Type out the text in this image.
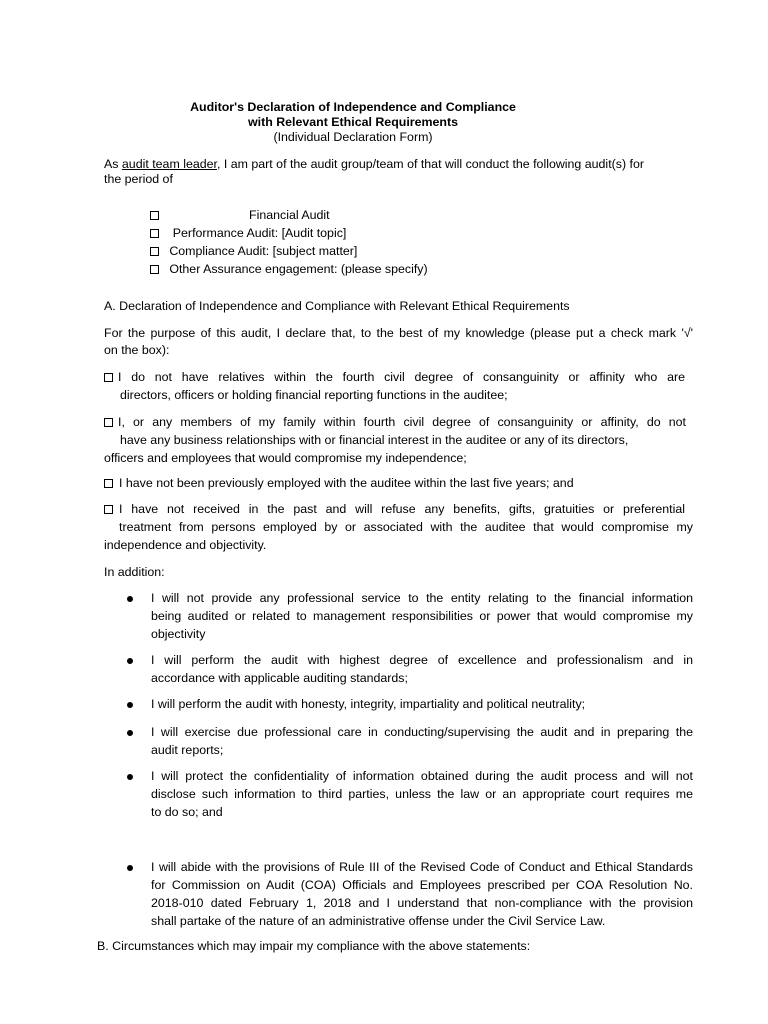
Auditor's Declaration of Independence and Compliance
with Relevant Ethical Requirements
(Individual Declaration Form)
As audit team leader, I am part of the audit group/team of that will conduct the following audit(s) for
the period of
Financial Audit
Performance Audit: [Audit topic]
Compliance Audit: [subject matter]
Other Assurance engagement: (please specify)
A. Declaration of Independence and Compliance with Relevant Ethical Requirements
For the purpose of this audit, I declare that, to the best of my knowledge (please put a check mark '√'
on the box):
I do not have relatives within the fourth civil degree of consanguinity or affinity who are
directors, officers or holding financial reporting functions in the auditee;
I, or any members of my family within fourth civil degree of consanguinity or affinity, do not
have any business relationships with or financial interest in the auditee or any of its directors,
officers and employees that would compromise my independence;
I have not been previously employed with the auditee within the last five years; and
I have not received in the past and will refuse any benefits, gifts, gratuities or preferential
treatment from persons employed by or associated with the auditee that would compromise my
independence and objectivity.
In addition:
I will not provide any professional service to the entity relating to the financial information
being audited or related to management responsibilities or power that would compromise my
objectivity
I will perform the audit with highest degree of excellence and professionalism and in
accordance with applicable auditing standards;
I will perform the audit with honesty, integrity, impartiality and political neutrality;
I will exercise due professional care in conducting/supervising the audit and in preparing the
audit reports;
I will protect the confidentiality of information obtained during the audit process and will not
disclose such information to third parties, unless the law or an appropriate court requires me
to do so; and
I will abide with the provisions of Rule III of the Revised Code of Conduct and Ethical Standards
for Commission on Audit (COA) Officials and Employees prescribed per COA Resolution No.
2018-010 dated February 1, 2018 and I understand that non-compliance with the provision
shall partake of the nature of an administrative offense under the Civil Service Law.
B. Circumstances which may impair my compliance with the above statements:
